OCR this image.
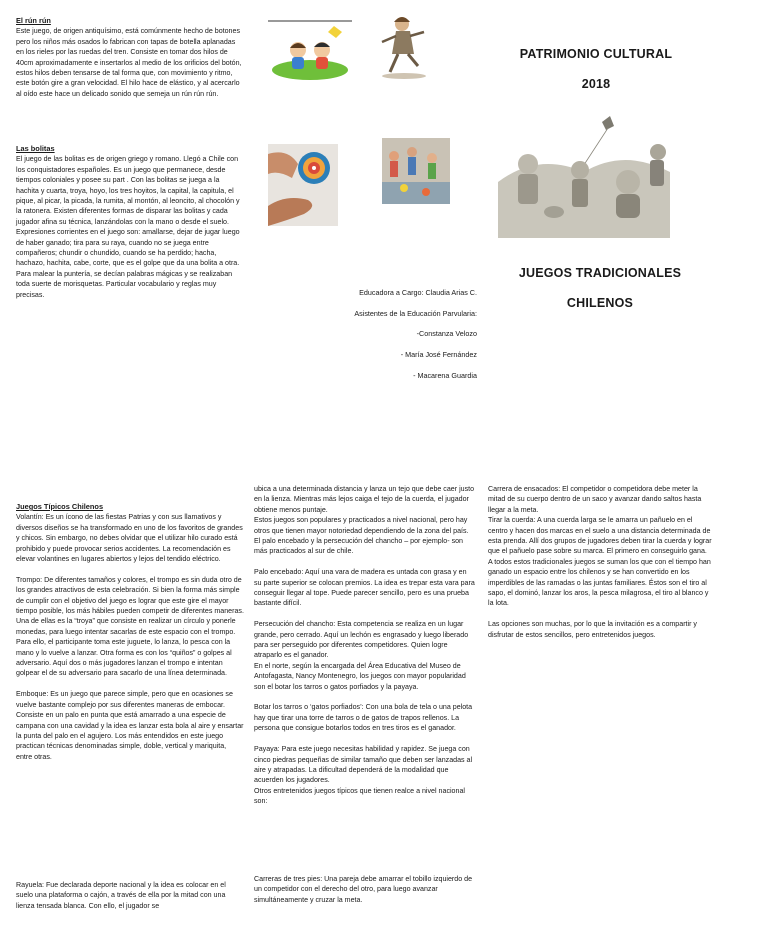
El rún rún

Este juego, de origen antiquísimo, está comúnmente hecho de botones pero los niños más osados lo fabrican con tapas de botella aplanadas en los rieles por las ruedas del tren. Consiste en tomar dos hilos de 40cm aproximadamente e insertarlos al medio de los orificios del botón, estos hilos deben tensarse de tal forma que, con movimiento y ritmo, este botón gire a gran velocidad. El hilo hace de elástico, y al acercarlo al oído este hace un delicado sonido que semeja un rún rún rún.

Las bolitas

El juego de las bolitas es de origen griego y romano. Llegó a Chile con los conquistadores españoles. Es un juego que permanece, desde tiempos coloniales y posee su part . Con las bolitas se juega a la hachita y cuarta, troya, hoyo, los tres hoyitos, la capital, la capitula, el pique, al picar, la picada, la rumita, al montón, al leoncito, al chocolón y la ratonera. Existen diferentes formas de disparar las bolitas y cada jugador afina su técnica, lanzándolas con la mano o desde el suelo.

Expresiones corrientes en el juego son: amallarse, dejar de jugar luego de haber ganado; tira para su raya, cuando no se juega entre compañeros; chundir o chundido, cuando se ha perdido; hacha, hachazo, hachita, cabe, corte, que es el golpe que da una bolita a otra. Para malear la puntería, se decían palabras mágicas y se realizaban toda suerte de morisquetas. Particular vocabulario y reglas muy precisas.	Educadora a Cargo: Claudia Arias C.

Asistentes de la Educación Parvularia:

-Constanza Velozo

- María José Fernández

- Macarena Guardia

PATRIMONIO CULTURAL
2018
JUEGOS TRADICIONALES
CHILENOS

Juegos Típicos Chilenos

Volantín: Es un ícono de las fiestas Patrias y con sus llamativos y diversos diseños se ha transformado en uno de los favoritos de grandes y chicos. Sin embargo, no debes olvidar que el utilizar hilo curado está prohibido y puede provocar serios accidentes. La recomendación es elevar volantines en lugares abiertos y lejos del tendido eléctrico.

Trompo: De diferentes tamaños y colores, el trompo es sin duda otro de los grandes atractivos de esta celebración. Si bien la forma más simple de cumplir con el objetivo del juego es lograr que este gire el mayor tiempo posible, los más hábiles pueden competir de diferentes maneras.

Una de ellas es la “troya” que consiste en realizar un círculo y ponerle monedas, para luego intentar sacarlas de este espacio con el trompo. Para ello, el participante toma este juguete, lo lanza, lo pesca con la mano y lo vuelve a lanzar. Otra forma es con los “quiños” o golpes al adversario. Aquí dos o más jugadores lanzan el trompo e intentan golpear el de su adversario para sacarlo de una línea determinada.

Emboque: Es un juego que parece simple, pero que en ocasiones se vuelve bastante complejo por sus diferentes maneras de embocar.

Consiste en un palo en punta que está amarrado a una especie de campana con una cavidad y la idea es lanzar esta bola al aire y ensartar la punta del palo en el agujero. Los más entendidos en este juego practican técnicas denominadas simple, doble, vertical y mariquita, entre otras.

Rayuela: Fue declarada deporte nacional y la idea es colocar en el suelo una plataforma o cajón, a través de ella por la mitad con una lienza tensada blanca. Con ello, el jugador se

ubica a una determinada distancia y lanza un tejo que debe caer justo en la lienza. Mientras más lejos caiga el tejo de la cuerda, el jugador obtiene menos puntaje.

Estos juegos son populares y practicados a nivel nacional, pero hay otros que tienen mayor notoriedad dependiendo de la zona del país. El palo encebado y la persecución del chancho – por ejemplo- son más practicados al sur de chile.

Palo encebado: Aquí una vara de madera es untada con grasa y en su parte superior se colocan premios. La idea es trepar esta vara para conseguir llegar al tope. Puede parecer sencillo, pero es una prueba bastante difícil.

Persecución del chancho: Esta competencia se realiza en un lugar grande, pero cerrado. Aquí un lechón es engrasado y luego liberado para ser perseguido por diferentes competidores. Quien logre atraparlo es el ganador.

En el norte, según la encargada del Área Educativa del Museo de Antofagasta, Nancy Montenegro, los juegos con mayor popularidad son el botar los tarros o gatos porfiados y la payaya.

Botar los tarros o ‘gatos porfiados’: Con una bola de tela o una pelota hay que tirar una torre de tarros o de gatos de trapos rellenos. La persona que consigue botarlos todos en tres tiros es el ganador.

Payaya: Para este juego necesitas habilidad y rapidez. Se juega con cinco piedras pequeñas de similar tamaño que deben ser lanzadas al aire y atrapadas. La dificultad dependerá de la modalidad que acuerden los jugadores.

Otros entretenidos juegos típicos que tienen realce a nivel nacional son:

Carreras de tres pies: Una pareja debe amarrar el tobillo izquierdo de un competidor con el derecho del otro, para luego avanzar simultáneamente y cruzar la meta.

Carrera de ensacados: El competidor o competidora debe meter la mitad de su cuerpo dentro de un saco y avanzar dando saltos hasta llegar a la meta.

Tirar la cuerda: A una cuerda larga se le amarra un pañuelo en el centro y hacen dos marcas en el suelo a una distancia determinada de esta prenda. Allí dos grupos de jugadores deben tirar la cuerda y lograr que el pañuelo pase sobre su marca. El primero en conseguirlo gana.

A todos estos tradicionales juegos se suman los que con el tiempo han ganado un espacio entre los chilenos y se han convertido en los imperdibles de las ramadas o las juntas familiares. Éstos son el tiro al sapo, el dominó, lanzar los aros, la pesca milagrosa, el tiro al blanco y la lota.

Las opciones son muchas, por lo que la invitación es a compartir y disfrutar de estos sencillos, pero entretenidos juegos.
